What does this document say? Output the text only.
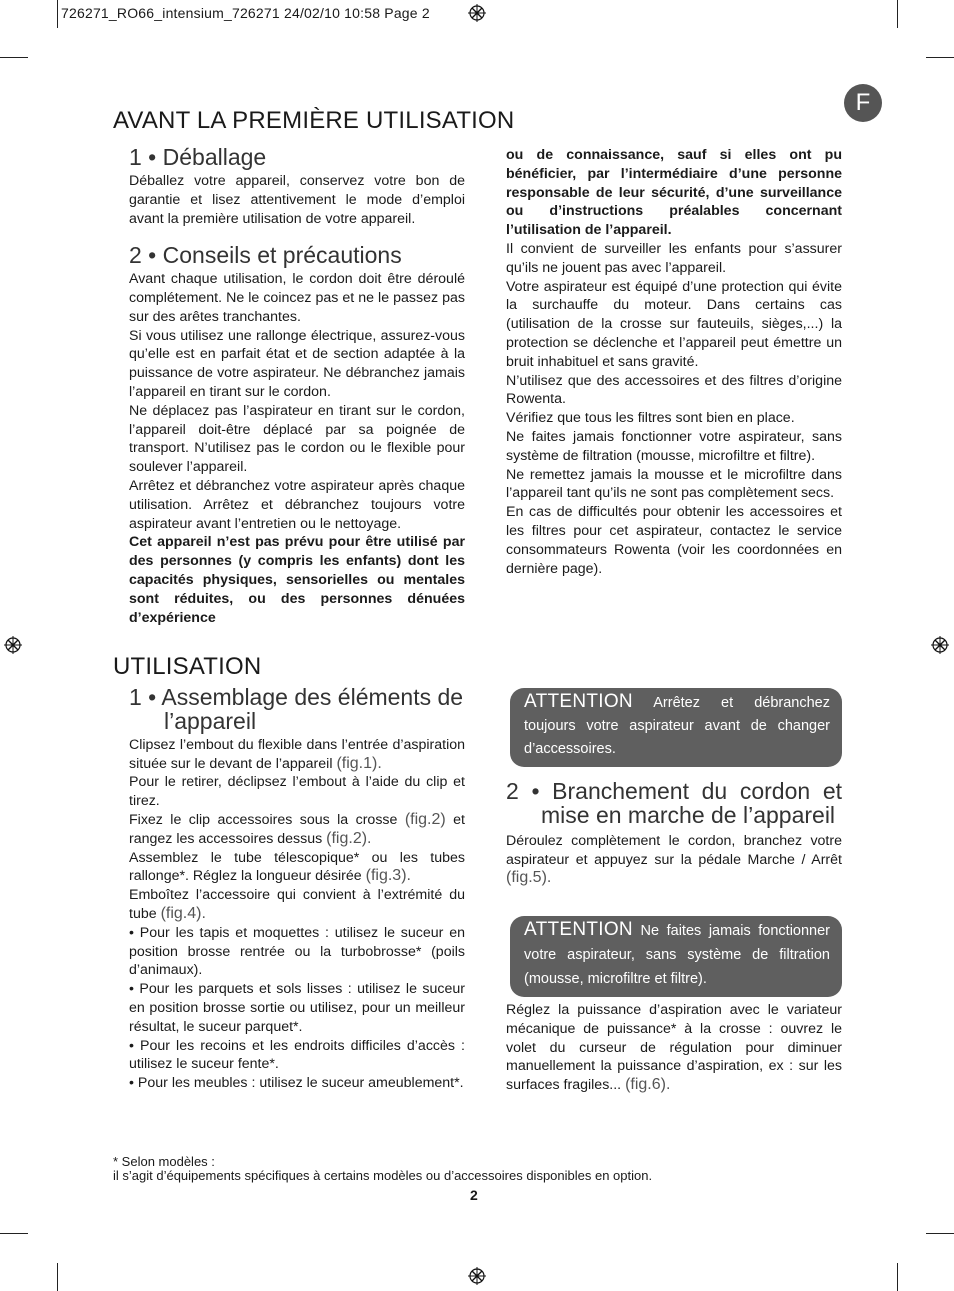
726271_RO66_intensium_726271 24/02/10 10:58 Page 2
F
AVANT LA PREMIÈRE UTILISATION
1 • Déballage

Déballez votre appareil, conservez votre bon de garantie et lisez attentivement le mode d’emploi avant la première utilisation de votre appareil.

2 • Conseils et précautions

Avant chaque utilisation, le cordon doit être déroulé complétement. Ne le coincez pas et ne le passez pas sur des arêtes tranchantes.

Si vous utilisez une rallonge électrique, assurez-vous qu’elle est en parfait état et de section adaptée à la puissance de votre aspirateur. Ne débranchez jamais l’appareil en tirant sur le cordon.

Ne déplacez pas l’aspirateur en tirant sur le cordon, l’appareil doit-être déplacé par sa poignée de transport. N’utilisez pas le cordon ou le flexible pour soulever l’appareil.

Arrêtez et débranchez votre aspirateur après chaque utilisation. Arrêtez et débranchez toujours votre aspirateur avant l’entretien ou le nettoyage.

Cet appareil n’est pas prévu pour être utilisé par des personnes (y compris les enfants) dont les capacités physiques, sensorielles ou mentales sont réduites, ou des personnes dénuées d’expérience

ou de connaissance, sauf si elles ont pu bénéficier, par l’intermédiaire d’une personne responsable de leur sécurité, d’une surveillance ou d’instructions préalables concernant l’utilisation de l’appareil.

Il convient de surveiller les enfants pour s’assurer qu’ils ne jouent pas avec l’appareil.

Votre aspirateur est équipé d’une protection qui évite la surchauffe du moteur. Dans certains cas (utilisation de la crosse sur fauteuils, sièges,...) la protection se déclenche et l’appareil peut émettre un bruit inhabituel et sans gravité.

N’utilisez que des accessoires et des filtres d’origine Rowenta.

Vérifiez que tous les filtres sont bien en place.

Ne faites jamais fonctionner votre aspirateur, sans système de filtration (mousse, microfiltre et filtre).

Ne remettez jamais la mousse et le microfiltre dans l’appareil tant qu’ils ne sont pas complètement secs.

En cas de difficultés pour obtenir les accessoires et les filtres pour cet aspirateur, contactez le service consommateurs Rowenta (voir les coordonnées en dernière page).

UTILISATION
1 • Assemblage des éléments de l’appareil

Clipsez l’embout du flexible dans l’entrée d’aspiration située sur le devant de l’appareil (fig.1).

Pour le retirer, déclipsez l’embout à l’aide du clip et tirez.

Fixez le clip accessoires sous la crosse (fig.2) et rangez les accessoires dessus (fig.2).

Assemblez le tube télescopique* ou les tubes rallonge*. Réglez la longueur désirée (fig.3).

Emboîtez l’accessoire qui convient à l’extrémité du tube (fig.4).

• Pour les tapis et moquettes : utilisez le suceur en position brosse rentrée ou la turbobrosse* (poils d’animaux).

• Pour les parquets et sols lisses : utilisez le suceur en position brosse sortie ou utilisez, pour un meilleur résultat, le suceur parquet*.

• Pour les recoins et les endroits difficiles d’accès : utilisez le suceur fente*.

• Pour les meubles : utilisez le suceur ameublement*.

ATTENTION Arrêtez et débranchez toujours votre aspirateur avant de changer d’accessoires.
2 • Branchement du cordon et mise en marche de l’appareil

Déroulez complètement le cordon, branchez votre aspirateur et appuyez sur la pédale Marche / Arrêt (fig.5).

ATTENTION Ne faites jamais fonctionner votre aspirateur, sans système de filtration (mousse, microfiltre et filtre).

Réglez la puissance d’aspiration avec le variateur mécanique de puissance* à la crosse : ouvrez le volet du curseur de régulation pour diminuer manuellement la puissance d’aspiration, ex : sur les surfaces fragiles... (fig.6).

* Selon modèles :
il s’agit d’équipements spécifiques à certains modèles ou d’accessoires disponibles en option.
2
